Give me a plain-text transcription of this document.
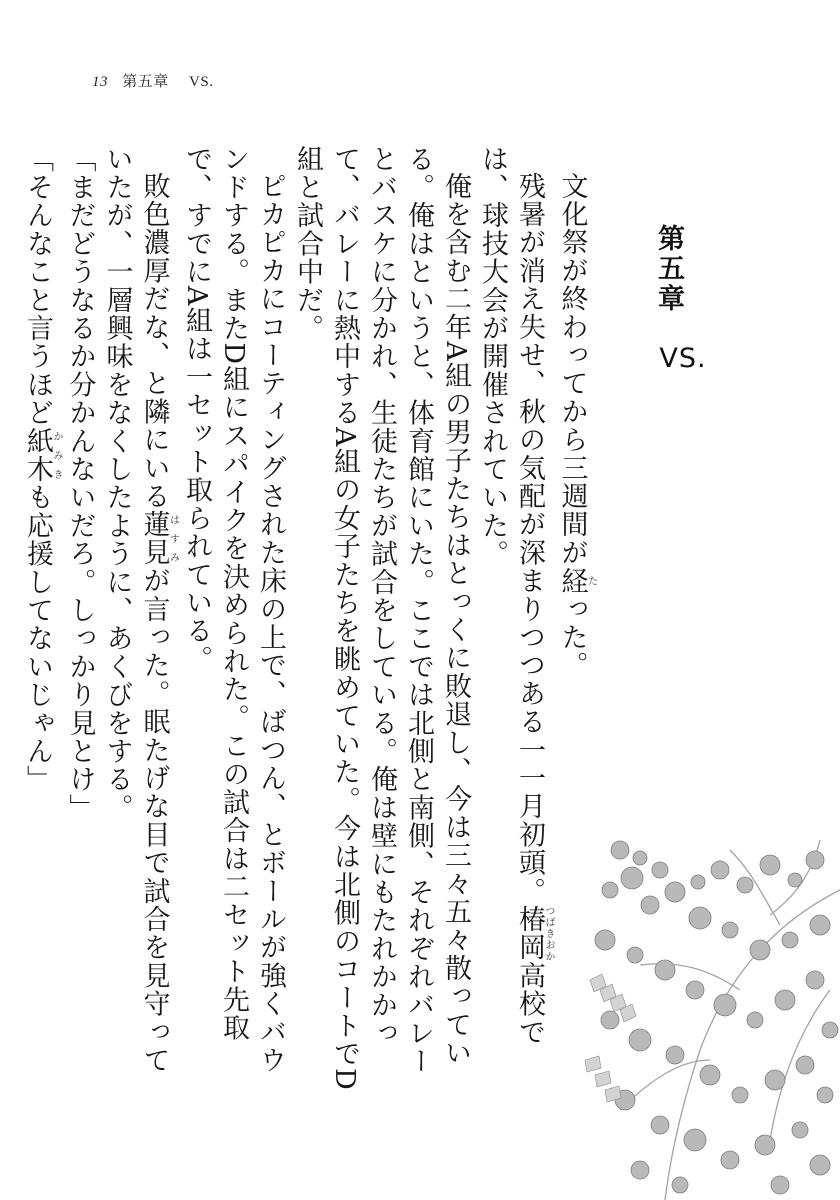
13 第五章 VS.
第五章
VS.

文化祭が終わってから三週間が経たった。

残暑が消え失せ、秋の気配が深まりつつある一一月初頭。椿岡つばきおか高校では、球技大会が開催されていた。

俺を含む二年A組の男子たちはとっくに敗退し、今は三々五々散っている。俺はというと、体育館にいた。ここでは北側と南側、それぞれバレーとバスケに分かれ、生徒たちが試合をしている。俺は壁にもたれかかって、バレーに熱中するA組の女子たちを眺めていた。今は北側のコートでD組と試合中だ。

ピカピカにコーティングされた床の上で、ばつん、とボールが強くバウンドする。またD組にスパイクを決められた。この試合は二セット先取で、すでにA組は一セット取られている。

敗色濃厚だな、と隣にいる蓮見はすみが言った。眠たげな目で試合を見守っていたが、一層興味をなくしたように、あくびをする。

「まだどうなるか分かんないだろ。しっかり見とけ」

「そんなこと言うほど紙木かみきも応援してないじゃん」
